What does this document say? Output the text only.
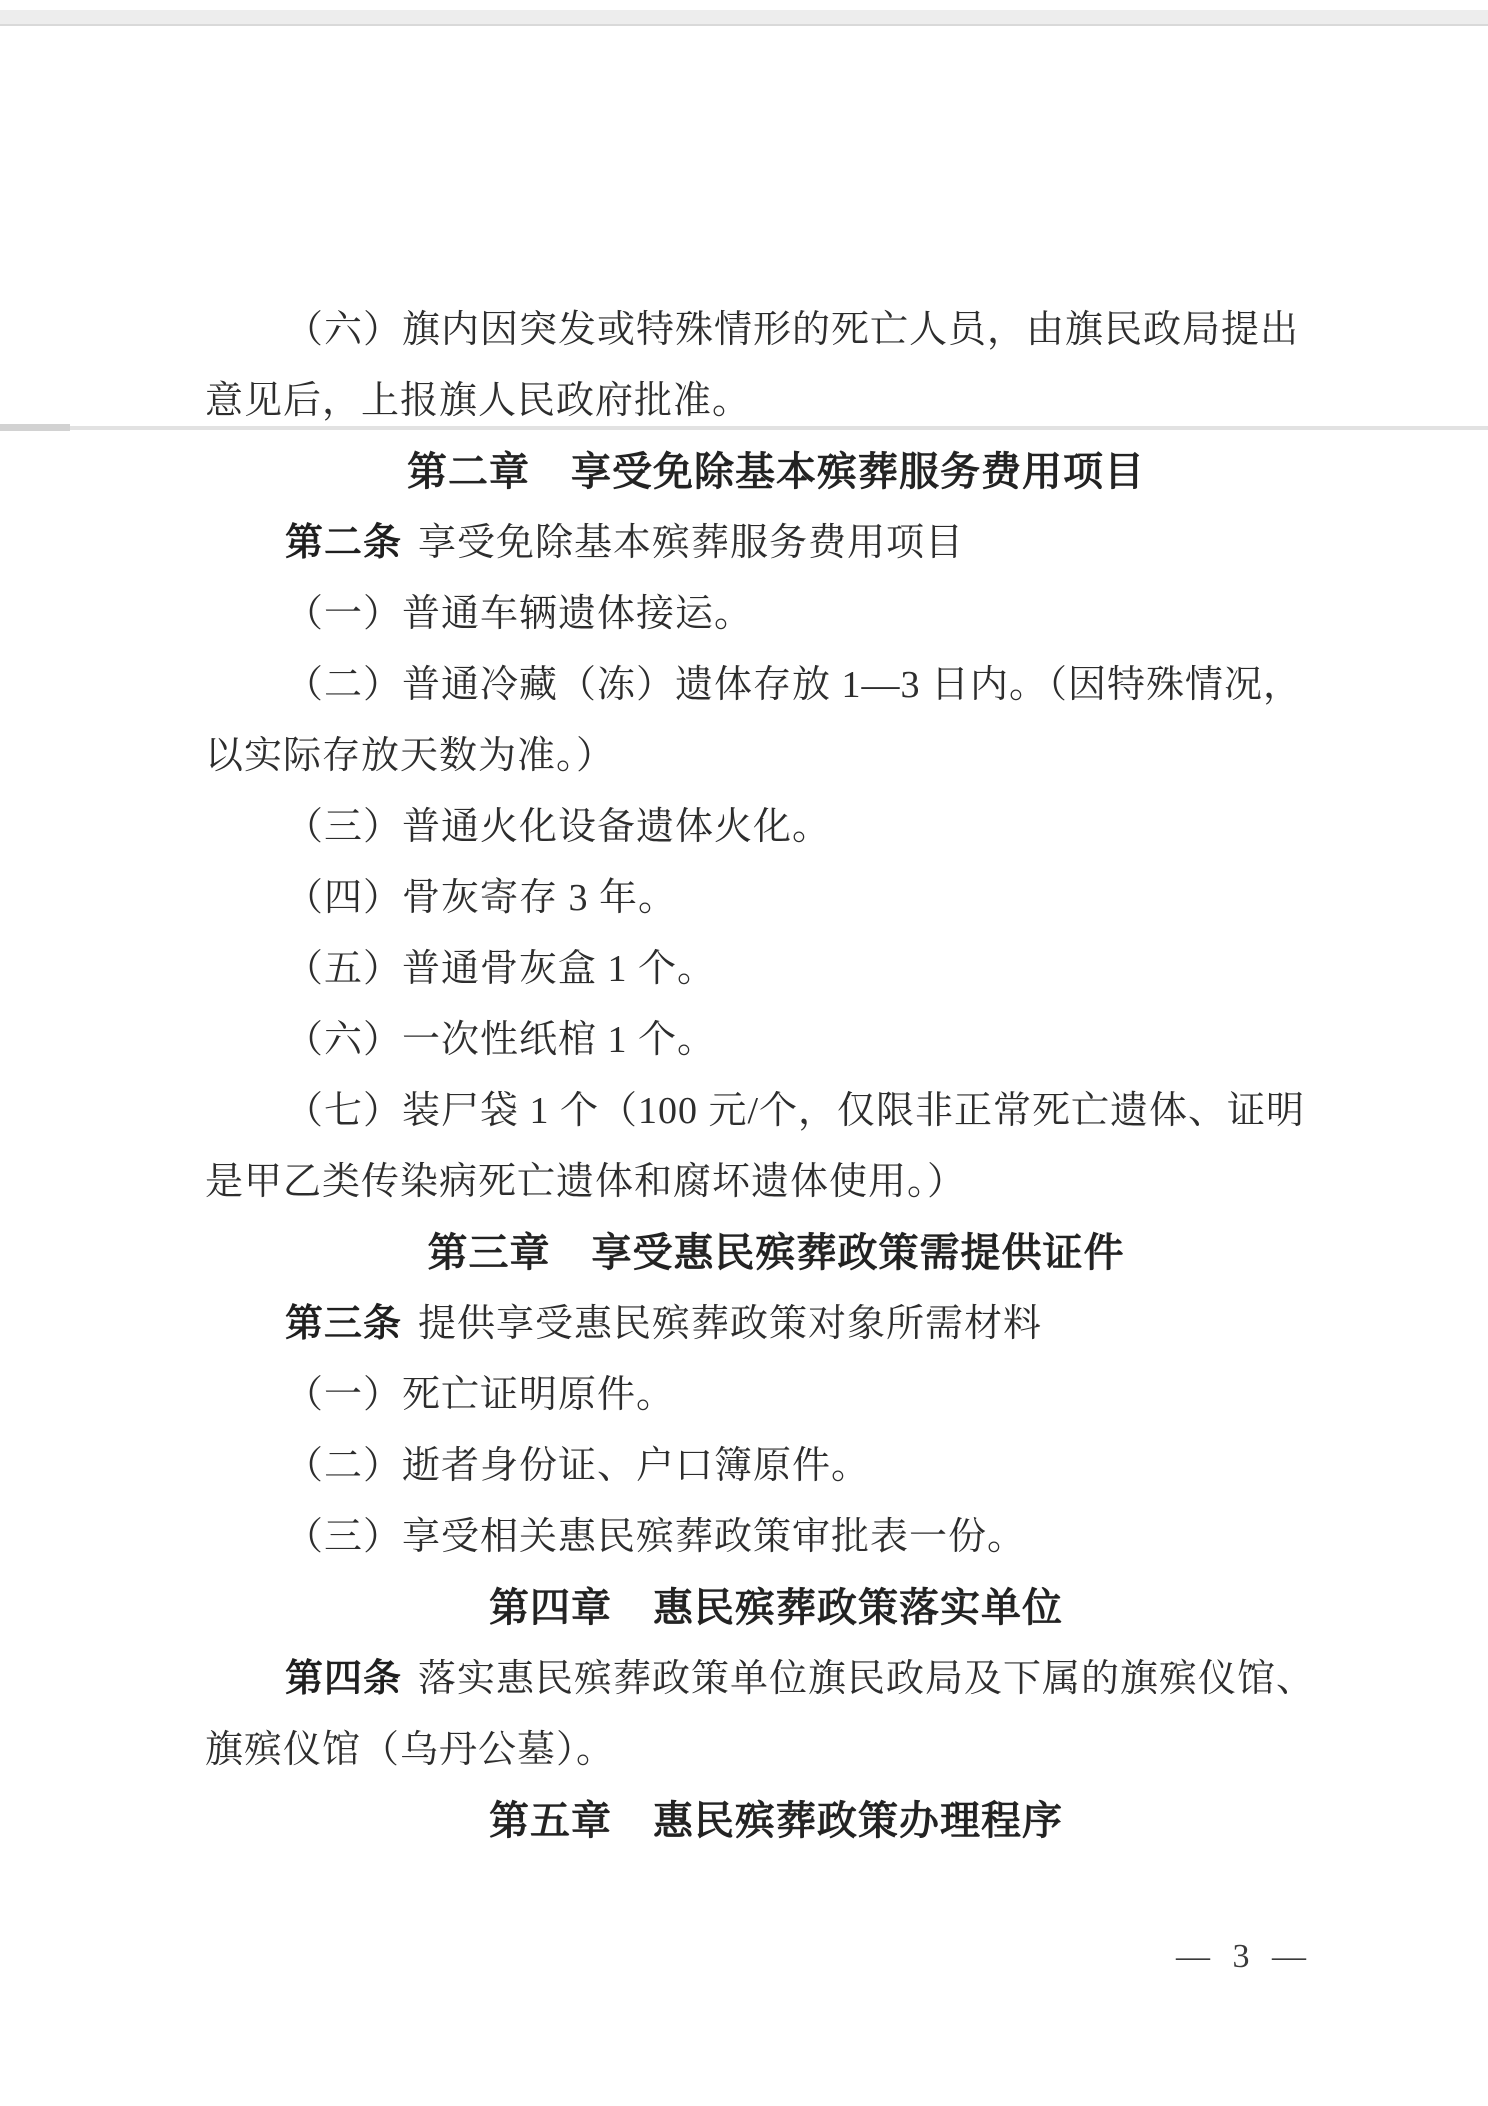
（六）旗内因突发或特殊情形的死亡人员，由旗民政局提出
意见后，上报旗人民政府批准。
第二章　享受免除基本殡葬服务费用项目
第二条 享受免除基本殡葬服务费用项目
（一）普通车辆遗体接运。
（二）普通冷藏（冻）遗体存放 1—3 日内。（因特殊情况，
以实际存放天数为准。）
（三）普通火化设备遗体火化。
（四）骨灰寄存 3 年。
（五）普通骨灰盒 1 个。
（六）一次性纸棺 1 个。
（七）装尸袋 1 个（100 元/个，仅限非正常死亡遗体、证明
是甲乙类传染病死亡遗体和腐坏遗体使用。）
第三章　享受惠民殡葬政策需提供证件
第三条 提供享受惠民殡葬政策对象所需材料
（一）死亡证明原件。
（二）逝者身份证、户口簿原件。
（三）享受相关惠民殡葬政策审批表一份。
第四章　惠民殡葬政策落实单位
第四条 落实惠民殡葬政策单位旗民政局及下属的旗殡仪馆、
旗殡仪馆（乌丹公墓）。
第五章　惠民殡葬政策办理程序
— 3 —
